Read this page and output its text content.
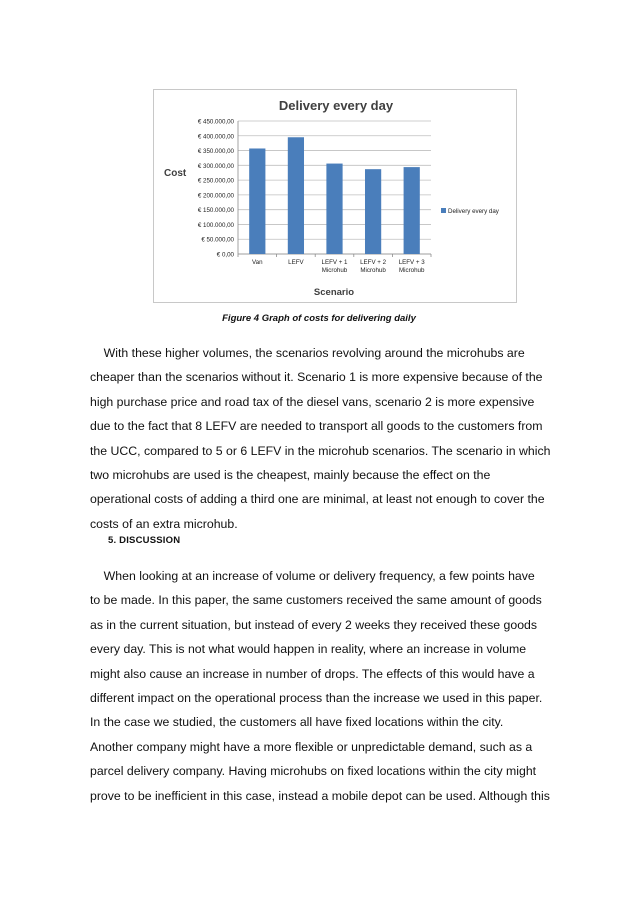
Delivery every day
€ 0,00
€ 50.000,00
€ 100.000,00
€ 150.000,00
€ 200.000,00
€ 250.000,00
€ 300.000,00
€ 350.000,00
€ 400.000,00
€ 450.000,00
Van	LEFV	LEFV + 1
Microhub
LEFV + 2
Microhub
LEFV + 3
Microhub
Cost
Scenario
Delivery every day
Figure 4 Graph of costs for delivering daily
With these higher volumes, the scenarios revolving around the microhubs are
cheaper than the scenarios without it. Scenario 1 is more expensive because of the
high purchase price and road tax of the diesel vans, scenario 2 is more expensive
due to the fact that 8 LEFV are needed to transport all goods to the customers from
the UCC, compared to 5 or 6 LEFV in the microhub scenarios. The scenario in which
two microhubs are used is the cheapest, mainly because the effect on the
operational costs of adding a third one are minimal, at least not enough to cover the
costs of an extra microhub.
5. DISCUSSION
When looking at an increase of volume or delivery frequency, a few points have
to be made. In this paper, the same customers received the same amount of goods
as in the current situation, but instead of every 2 weeks they received these goods
every day. This is not what would happen in reality, where an increase in volume
might also cause an increase in number of drops. The effects of this would have a
different impact on the operational process than the increase we used in this paper.
In the case we studied, the customers all have fixed locations within the city.
Another company might have a more flexible or unpredictable demand, such as a
parcel delivery company. Having microhubs on fixed locations within the city might
prove to be inefficient in this case, instead a mobile depot can be used. Although this
